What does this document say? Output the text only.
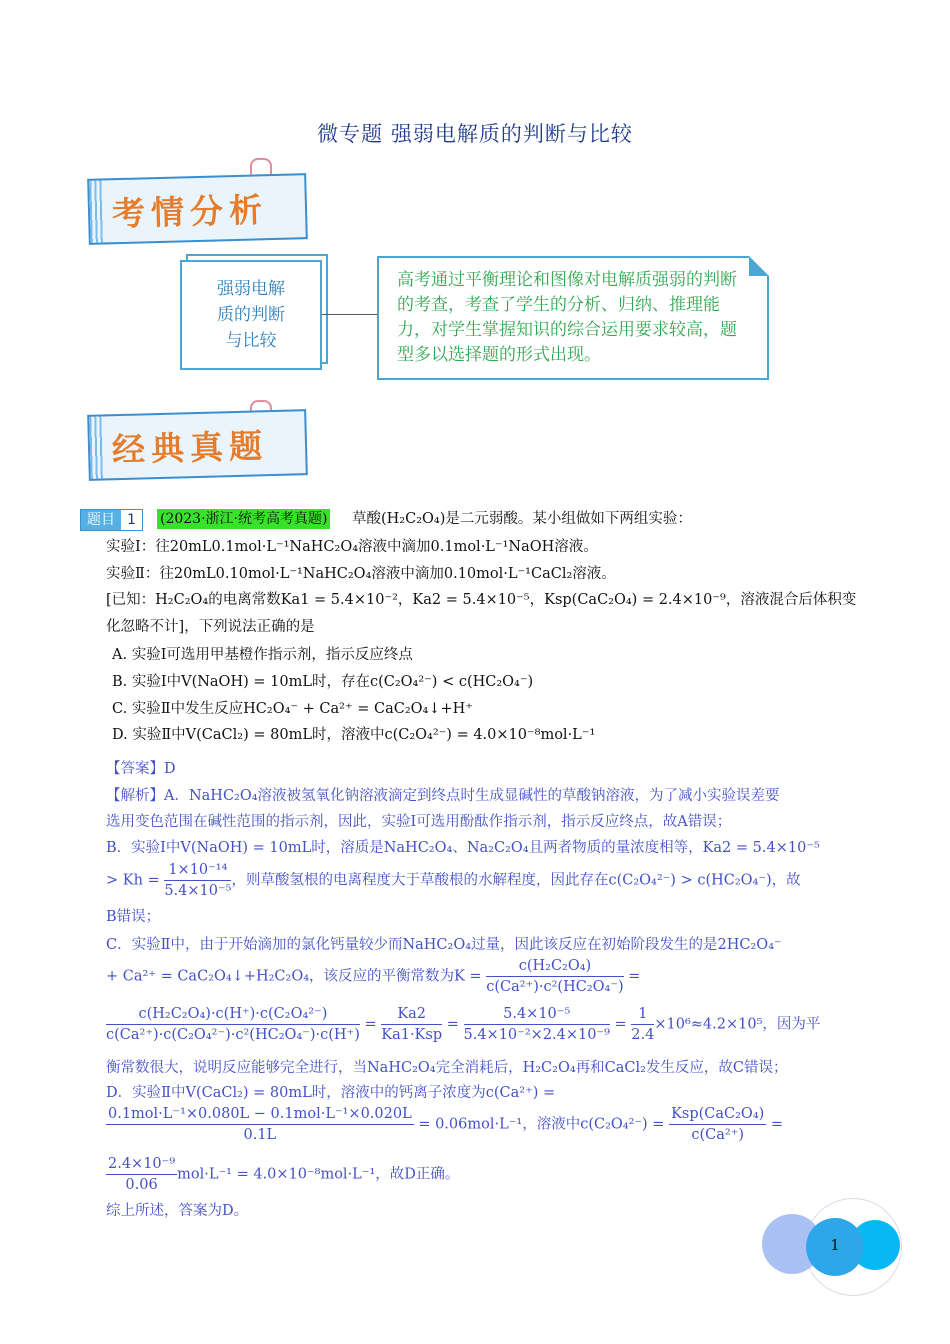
微专题 强弱电解质的判断与比较
考情分析
强弱电解
质的判断
与比较
高考通过平衡理论和图像对电解质强弱的判断的考查，考查了学生的分析、归纳、推理能力，对学生掌握知识的综合运用要求较高，题型多以选择题的形式出现。
经典真题
题目 1	(2023·浙江·统考高考真题) 草酸(H₂C₂O₄)是二元弱酸。某小组做如下两组实验：
实验Ⅰ：往20mL0.1mol·L⁻¹NaHC₂O₄溶液中滴加0.1mol·L⁻¹NaOH溶液。
实验Ⅱ：往20mL0.10mol·L⁻¹NaHC₂O₄溶液中滴加0.10mol·L⁻¹CaCl₂溶液。
[已知：H₂C₂O₄的电离常数Ka1 = 5.4×10⁻²，Ka2 = 5.4×10⁻⁵，Ksp(CaC₂O₄) = 2.4×10⁻⁹，溶液混合后体积变
化忽略不计]，下列说法正确的是
A. 实验Ⅰ可选用甲基橙作指示剂，指示反应终点
B. 实验Ⅰ中V(NaOH) = 10mL时，存在c(C₂O₄²⁻) < c(HC₂O₄⁻)
C. 实验Ⅱ中发生反应HC₂O₄⁻ + Ca²⁺ = CaC₂O₄↓+H⁺
D. 实验Ⅱ中V(CaCl₂) = 80mL时，溶液中c(C₂O₄²⁻) = 4.0×10⁻⁸mol·L⁻¹
【答案】D
【解析】A．NaHC₂O₄溶液被氢氧化钠溶液滴定到终点时生成显碱性的草酸钠溶液，为了减小实验误差要
选用变色范围在碱性范围的指示剂，因此，实验Ⅰ可选用酚酞作指示剂，指示反应终点，故A错误；
B．实验Ⅰ中V(NaOH) = 10mL时，溶质是NaHC₂O₄、Na₂C₂O₄且两者物质的量浓度相等，Ka2 = 5.4×10⁻⁵
> $Kh = \frac{\text{1×10⁻¹⁴}}{\text{5.4×10⁻⁵}}$ ，则草酸氢根的电离程度大于草酸根的水解程度，因此存在c(C₂O₄²⁻) > c(HC₂O₄⁻)，故
B错误；
C．实验Ⅱ中，由于开始滴加的氯化钙量较少而NaHC₂O₄过量，因此该反应在初始阶段发生的是2HC₂O₄⁻
+ Ca²⁺ = CaC₂O₄↓+H₂C₂O₄，该反应的平衡常数为$K = \frac{\text{c(H₂C₂O₄)}}{\text{c(Ca²⁺)·c²(HC₂O₄⁻)}}$ =
$\frac{\text{c(H₂C₂O₄)·c(H⁺)·c(C₂O₄²⁻)}}{\text{c(Ca²⁺)·c(C₂O₄²⁻)·c²(HC₂O₄⁻)·c(H⁺)}} = \frac{Ka2}{\text{Ka1·Ksp}} = \frac{\text{5.4×10⁻⁵}}{\text{5.4×10⁻²×2.4×10⁻⁹}} = \frac{1}{2.4} \times 10^6\approx 4.2\times 10^5$，因为平
衡常数很大，说明反应能够完全进行，当NaHC₂O₄完全消耗后，H₂C₂O₄再和CaCl₂发生反应，故C错误；
D．实验Ⅱ中V(CaCl₂) = 80mL时，溶液中的钙离子浓度为c(Ca²⁺) =
$\frac{\text{0.1mol·L⁻¹×0.080L − 0.1mol·L⁻¹×0.020L}}{0.1L} = 0.06mol\cdot L^{-1}$，溶液中$c(C_2O_4^{2-}) = \frac{\text{Ksp(CaC₂O₄)}}{\text{c(Ca²⁺)}}$ =
$\frac{\text{2.4×10⁻⁹}}{0.06} mol\cdot L^{-1} = 4.0\times 10^{-8}mol\cdot L^{-1}$，故D正确。
综上所述，答案为D。
1
